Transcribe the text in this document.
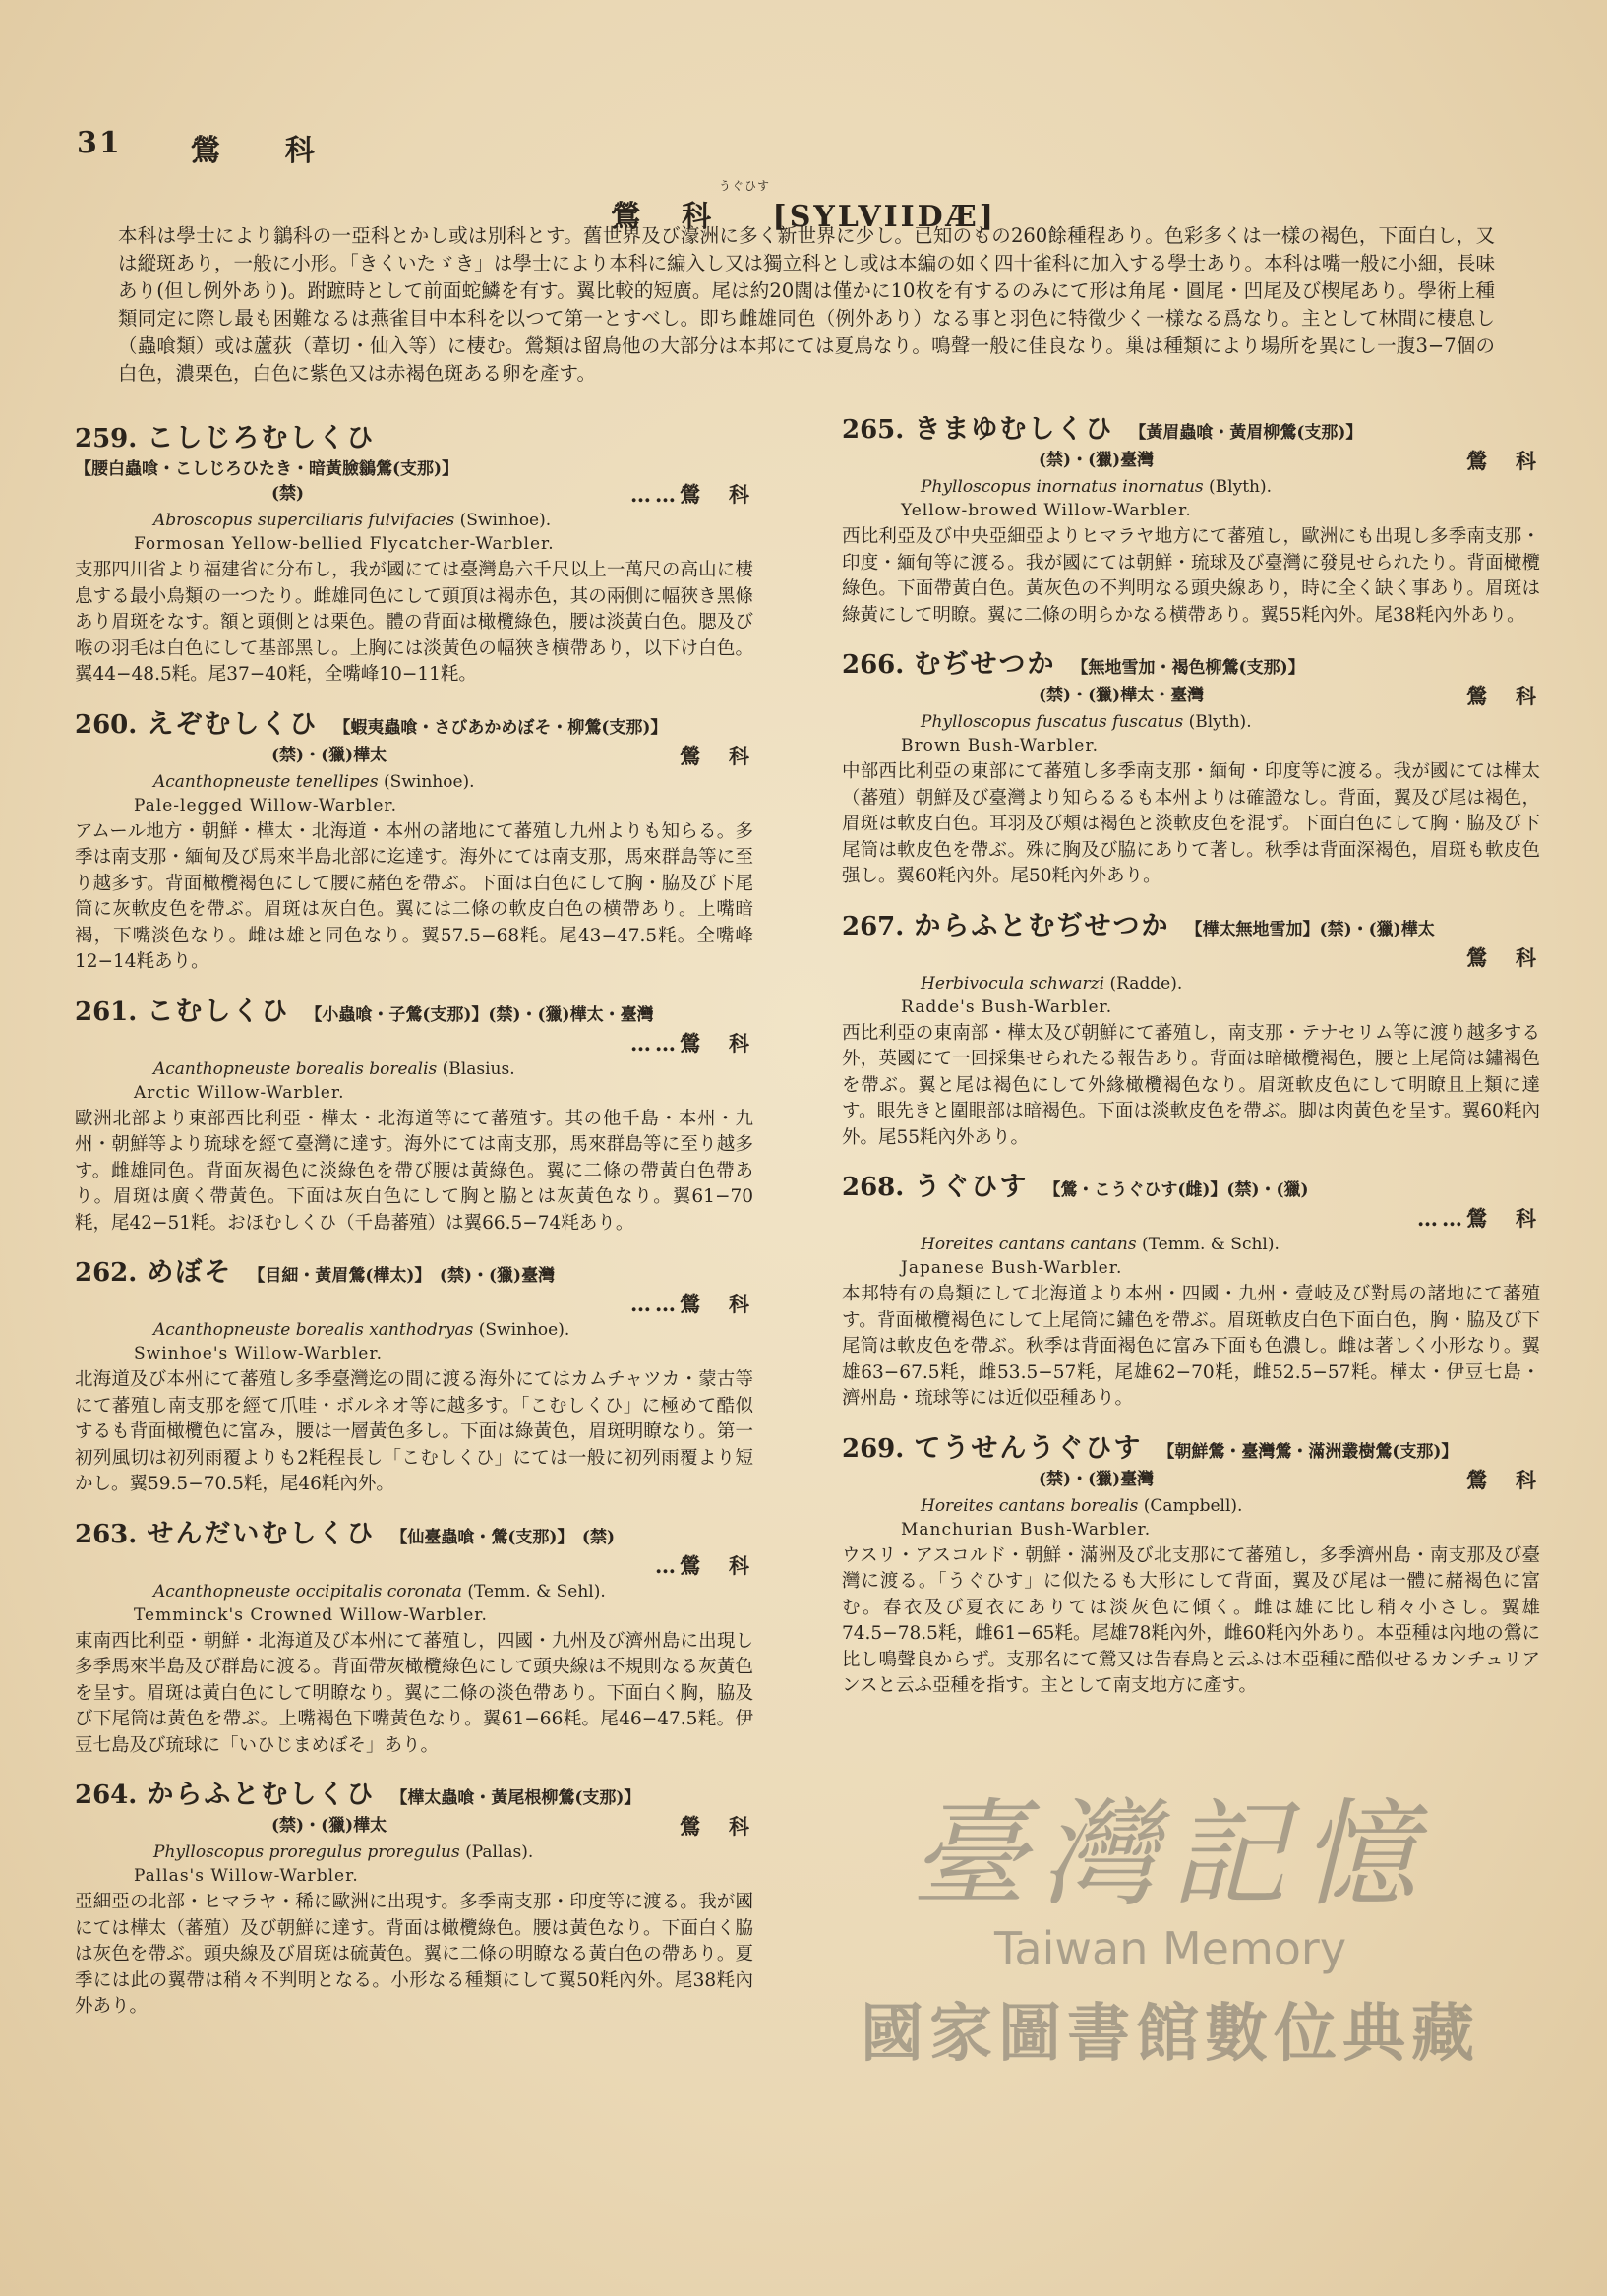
31 鶯　　科
うぐひす
鶯　科 [SYLVIIDÆ]
本科は學士により鶲科の一亞科とかし或は別科とす。舊世界及び濠洲に多く新世界に少し。已知のもの260餘種程あり。色彩多くは一樣の褐色，下面白し，又は縱斑あり，一般に小形。「きくいたゞき」は學士により本科に編入し又は獨立科とし或は本編の如く四十雀科に加入する學士あり。本科は嘴一般に小細，長味あり(但し例外あり)。跗蹠時として前面蛇鱗を有す。翼比較的短廣。尾は約20闊は僅かに10枚を有するのみにて形は角尾・圓尾・凹尾及び楔尾あり。學術上種類同定に際し最も困難なるは燕雀目中本科を以つて第一とすべし。即ち雌雄同色（例外あり）なる事と羽色に特徵少く一樣なる爲なり。主として林間に棲息し（蟲喰類）或は蘆荻（葦切・仙入等）に棲む。鶯類は留鳥他の大部分は本邦にては夏鳥なり。鳴聲一般に佳良なり。巢は種類により場所を異にし一腹3−7個の白色，濃栗色，白色に紫色又は赤褐色斑ある卵を產す。
259. こしじろむしくひ
【腰白蟲喰・こしじろひたき・暗黃臉鶲鶯(支那)】
(禁)	……鶯　科
Abroscopus superciliaris fulvifacies (Swinhoe).
Formosan Yellow-bellied Flycatcher-Warbler.
支那四川省より福建省に分布し，我が國にては臺灣島六千尺以上一萬尺の高山に棲息する最小鳥類の一つたり。雌雄同色にして頭頂は褐赤色，其の兩側に幅狹き黑條あり眉斑をなす。額と頭側とは栗色。體の背面は橄欖綠色，腰は淡黃白色。腮及び喉の羽毛は白色にして基部黑し。上胸には淡黃色の幅狹き横帶あり，以下け白色。翼44−48.5粍。尾37−40粍，全嘴峰10−11粍。
260. えぞむしくひ 【蝦夷蟲喰・さびあかめぼそ・柳鶯(支那)】
(禁)・(獵)樺太	鶯　科
Acanthopneuste tenellipes (Swinhoe).
Pale-legged Willow-Warbler.
アムール地方・朝鮮・樺太・北海道・本州の諸地にて蕃殖し九州よりも知らる。多季は南支那・緬甸及び馬來半島北部に迄達す。海外にては南支那，馬來群島等に至り越多す。背面橄欖褐色にして腰に赭色を帶ぶ。下面は白色にして胸・脇及び下尾筒に灰軟皮色を帶ぶ。眉斑は灰白色。翼には二條の軟皮白色の横帶あり。上嘴暗褐，下嘴淡色なり。雌は雄と同色なり。翼57.5−68粍。尾43−47.5粍。全嘴峰12−14粍あり。
261. こむしくひ 【小蟲喰・子鶯(支那)】(禁)・(獵)樺太・臺灣
……鶯　科
Acanthopneuste borealis borealis (Blasius.
Arctic Willow-Warbler.
歐洲北部より東部西比利亞・樺太・北海道等にて蕃殖す。其の他千島・本州・九州・朝鮮等より琉球を經て臺灣に達す。海外にては南支那，馬來群島等に至り越多す。雌雄同色。背面灰褐色に淡綠色を帶び腰は黃綠色。翼に二條の帶黃白色帶あり。眉斑は廣く帶黃色。下面は灰白色にして胸と脇とは灰黃色なり。翼61−70粍，尾42−51粍。おほむしくひ（千島蕃殖）は翼66.5−74粍あり。
262. めぼそ 【目細・黃眉鶯(樺太)】　(禁)・(獵)臺灣
……鶯　科
Acanthopneuste borealis xanthodryas (Swinhoe).
Swinhoe's Willow-Warbler.
北海道及び本州にて蕃殖し多季臺灣迄の間に渡る海外にてはカムチャツカ・蒙古等にて蕃殖し南支那を經て爪哇・ボルネオ等に越多す。「こむしくひ」に極めて酷似するも背面橄欖色に富み，腰は一層黃色多し。下面は綠黃色，眉斑明瞭なり。第一初列風切は初列雨覆よりも2粍程長し「こむしくひ」にては一般に初列雨覆より短かし。翼59.5−70.5粍，尾46粍內外。
263. せんだいむしくひ 【仙臺蟲喰・鶯(支那)】　(禁)
…鶯　科
Acanthopneuste occipitalis coronata (Temm. & Sehl).
Temminck's Crowned Willow-Warbler.
東南西比利亞・朝鮮・北海道及び本州にて蕃殖し，四國・九州及び濟州島に出現し多季馬來半島及び群島に渡る。背面帶灰橄欖綠色にして頭央線は不規則なる灰黃色を呈す。眉斑は黃白色にして明瞭なり。翼に二條の淡色帶あり。下面白く胸，脇及び下尾筒は黃色を帶ぶ。上嘴褐色下嘴黃色なり。翼61−66粍。尾46−47.5粍。伊豆七島及び琉球に「いひじまめぼそ」あり。
264. からふとむしくひ 【樺太蟲喰・黃尾根柳鶯(支那)】
(禁)・(獵)樺太	鶯　科
Phylloscopus proregulus proregulus (Pallas).
Pallas's Willow-Warbler.
亞細亞の北部・ヒマラヤ・稀に歐洲に出現す。多季南支那・印度等に渡る。我が國にては樺太（蕃殖）及び朝鮮に達す。背面は橄欖綠色。腰は黃色なり。下面白く脇は灰色を帶ぶ。頭央線及び眉斑は硫黃色。翼に二條の明瞭なる黃白色の帶あり。夏季には此の翼帶は稍々不判明となる。小形なる種類にして翼50粍內外。尾38粍內外あり。
265. きまゆむしくひ 【黃眉蟲喰・黃眉柳鶯(支那)】
(禁)・(獵)臺灣	鶯　科
Phylloscopus inornatus inornatus (Blyth).
Yellow-browed Willow-Warbler.
西比利亞及び中央亞細亞よりヒマラヤ地方にて蕃殖し，歐洲にも出現し多季南支那・印度・緬甸等に渡る。我が國にては朝鮮・琉球及び臺灣に發見せられたり。背面橄欖綠色。下面帶黃白色。黃灰色の不判明なる頭央線あり，時に全く缺く事あり。眉斑は綠黃にして明瞭。翼に二條の明らかなる横帶あり。翼55粍內外。尾38粍內外あり。
266. むぢせつか 【無地雪加・褐色柳鶯(支那)】
(禁)・(獵)樺太・臺灣	鶯　科
Phylloscopus fuscatus fuscatus (Blyth).
Brown Bush-Warbler.
中部西比利亞の東部にて蕃殖し多季南支那・緬甸・印度等に渡る。我が國にては樺太（蕃殖）朝鮮及び臺灣より知らるるも本州よりは確證なし。背面，翼及び尾は褐色，眉斑は軟皮白色。耳羽及び頰は褐色と淡軟皮色を混ず。下面白色にして胸・脇及び下尾筒は軟皮色を帶ぶ。殊に胸及び脇にありて著し。秋季は背面深褐色，眉斑も軟皮色强し。翼60粍內外。尾50粍內外あり。
267. からふとむぢせつか 【樺太無地雪加】(禁)・(獵)樺太
鶯　科
Herbivocula schwarzi (Radde).
Radde's Bush-Warbler.
西比利亞の東南部・樺太及び朝鮮にて蕃殖し，南支那・テナセリム等に渡り越多する外，英國にて一回採集せられたる報告あり。背面は暗橄欖褐色，腰と上尾筒は鏽褐色を帶ぶ。翼と尾は褐色にして外緣橄欖褐色なり。眉斑軟皮色にして明瞭且上類に達す。眼先きと圍眼部は暗褐色。下面は淡軟皮色を帶ぶ。脚は肉黃色を呈す。翼60粍內外。尾55粍內外あり。
268. うぐひす 【鶯・こうぐひす(雌)】(禁)・(獵)
……鶯　科
Horeites cantans cantans (Temm. & Schl).
Japanese Bush-Warbler.
本邦特有の鳥類にして北海道より本州・四國・九州・壹岐及び對馬の諸地にて蕃殖す。背面橄欖褐色にして上尾筒に鏽色を帶ぶ。眉斑軟皮白色下面白色，胸・脇及び下尾筒は軟皮色を帶ぶ。秋季は背面褐色に富み下面も色濃し。雌は著しく小形なり。翼雄63−67.5粍，雌53.5−57粍，尾雄62−70粍，雌52.5−57粍。樺太・伊豆七島・濟州島・琉球等には近似亞種あり。
269. てうせんうぐひす 【朝鮮鶯・臺灣鶯・滿洲叢樹鶯(支那)】
(禁)・(獵)臺灣	鶯　科
Horeites cantans borealis (Campbell).
Manchurian Bush-Warbler.
ウスリ・アスコルド・朝鮮・滿洲及び北支那にて蕃殖し，多季濟州島・南支那及び臺灣に渡る。「うぐひす」に似たるも大形にして背面，翼及び尾は一體に赭褐色に富む。春衣及び夏衣にありては淡灰色に傾く。雌は雄に比し稍々小さし。翼雄74.5−78.5粍，雌61−65粍。尾雄78粍內外，雌60粍內外あり。本亞種は內地の鶯に比し鳴聲良からず。支那名にて鶯又は告春鳥と云ふは本亞種に酷似せるカンチュリアンスと云ふ亞種を指す。主として南支地方に產す。
臺灣記憶
Taiwan Memory
國家圖書館數位典藏
